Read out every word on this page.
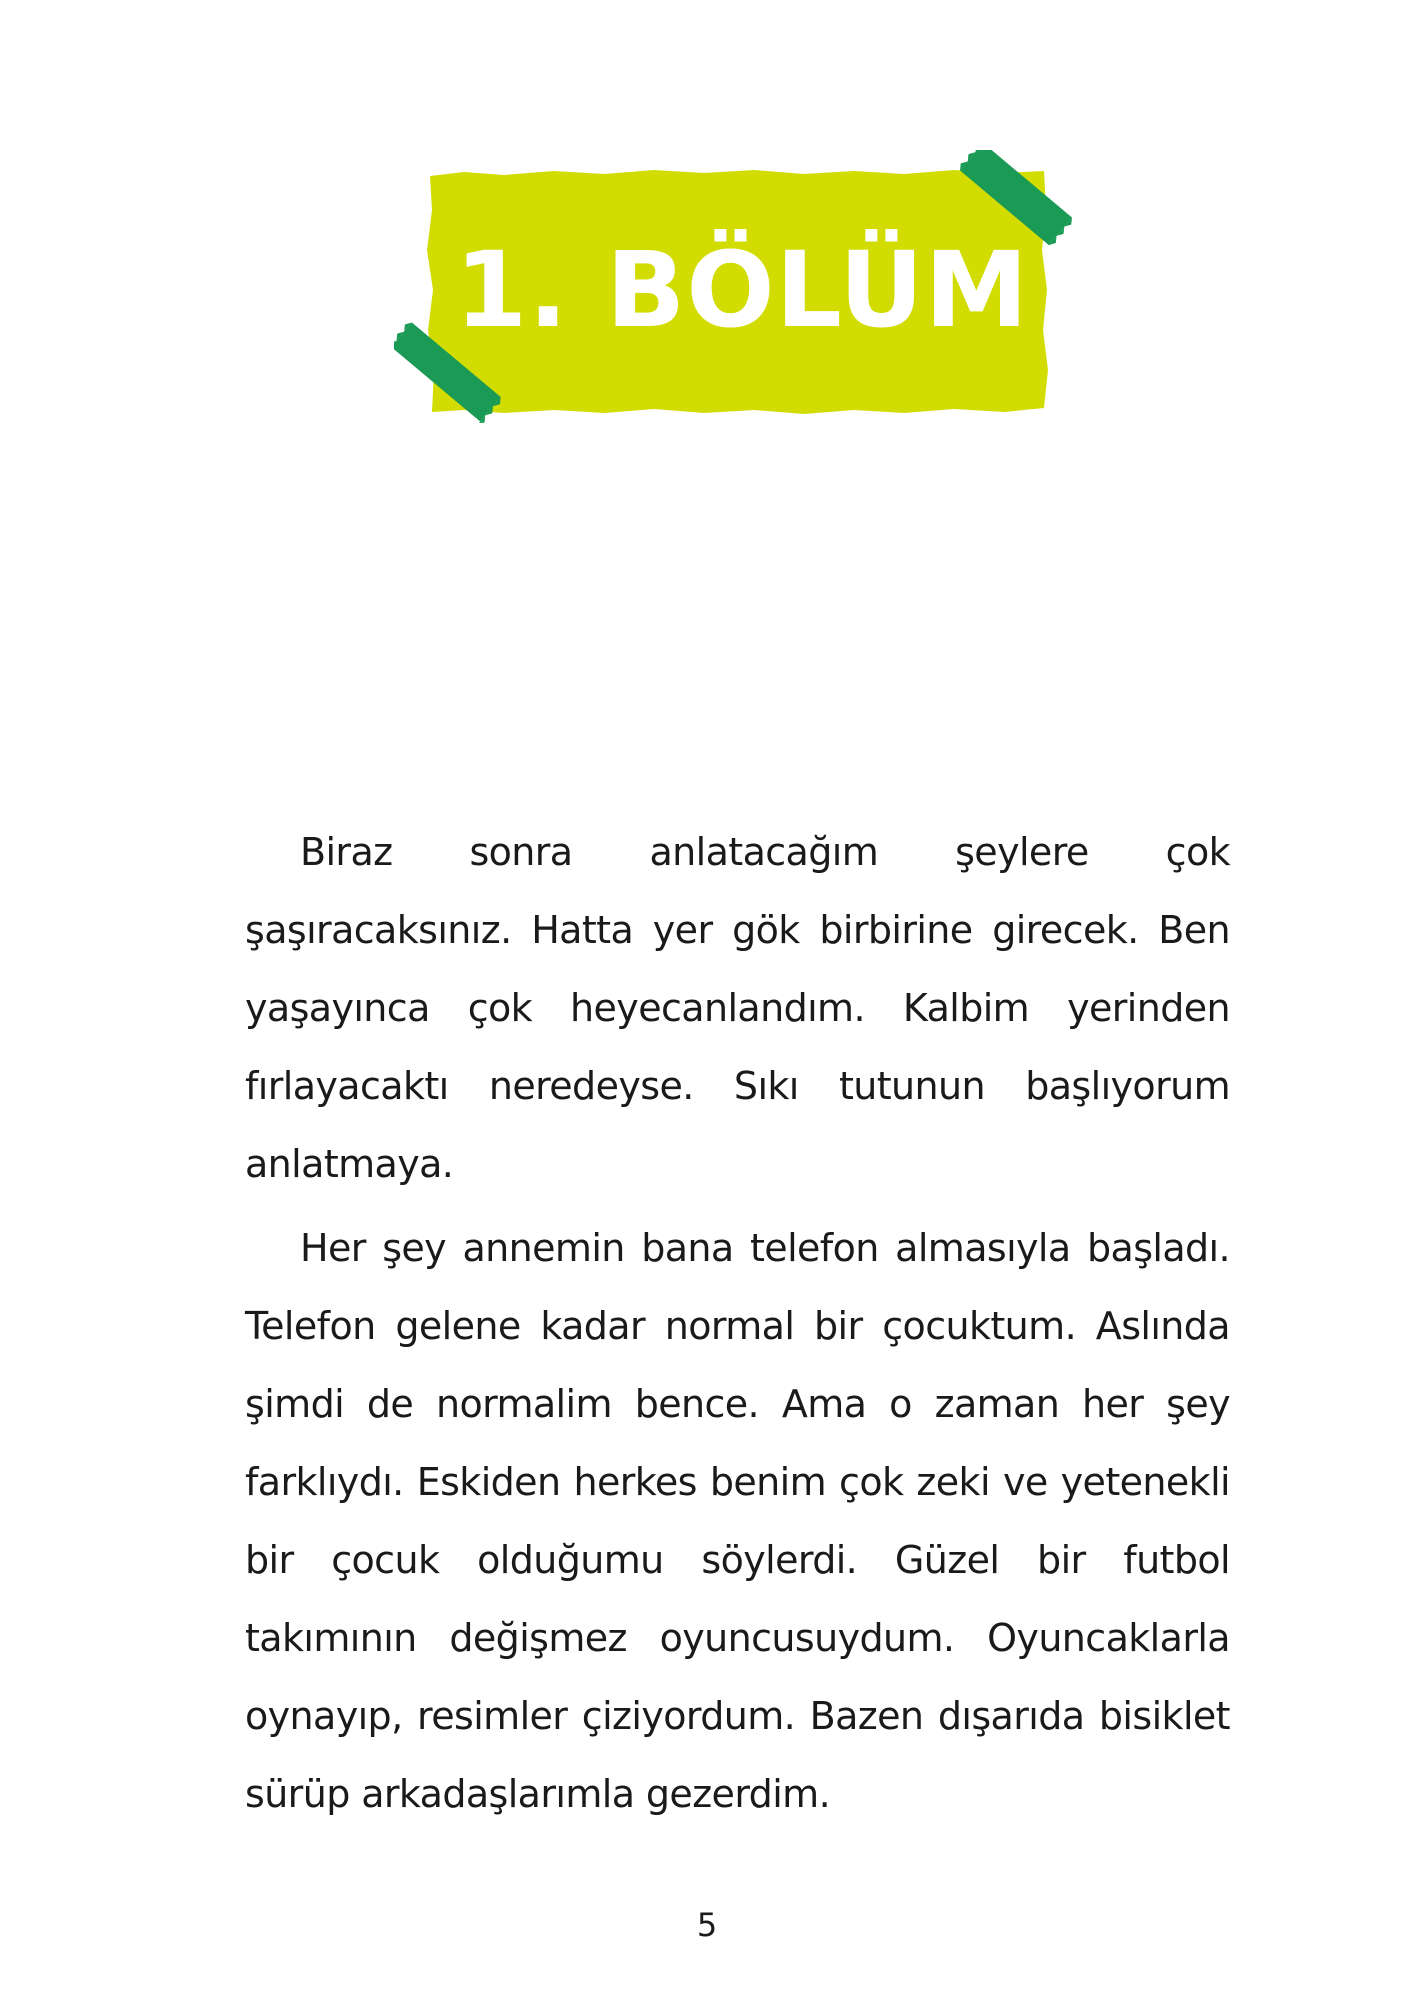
1. BÖLÜM

Biraz sonra anlatacağım şeylere çok şaşıracaksınız. Hatta yer gök birbirine girecek. Ben yaşayınca çok heyecanlandım. Kalbim yerinden fırlayacaktı neredeyse. Sıkı tutunun başlıyorum anlatmaya.

Her şey annemin bana telefon almasıyla başladı. Telefon gelene kadar normal bir çocuktum. Aslında şimdi de normalim bence. Ama o zaman her şey farklıydı. Eskiden herkes benim çok zeki ve yetenekli bir çocuk olduğumu söylerdi. Güzel bir futbol takımının değişmez oyuncusuydum. Oyuncaklarla oynayıp, resimler çiziyordum. Bazen dışarıda bisiklet sürüp arkadaşlarımla gezerdim.

5
